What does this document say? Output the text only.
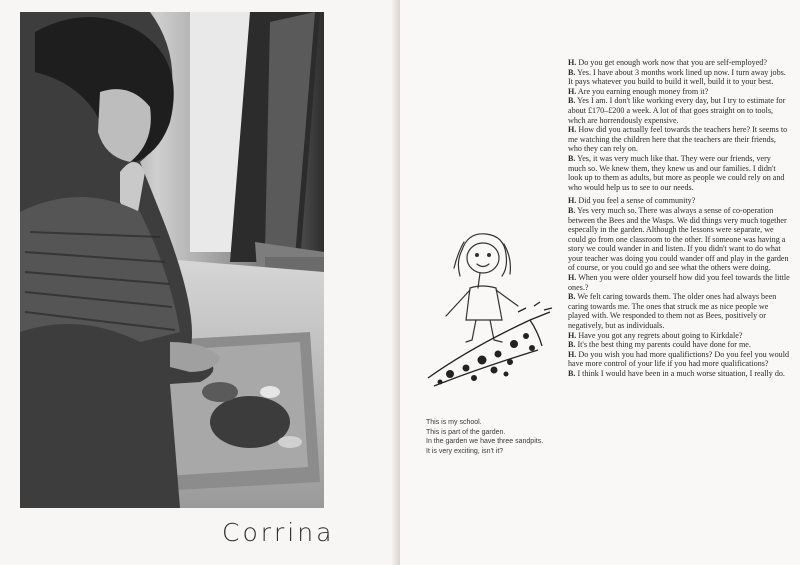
Corrina
This is my school.
This is part of the garden.
In the garden we have three sandpits.
It is very exciting, isn't it?

H. Do you get enough work now that you are self-employed?

B. Yes. I have about 3 months work lined up now. I turn away jobs. It pays whatever you build to build it well, build it to your best.

H. Are you earning enough money from it?

B. Yes I am. I don't like working every day, but I try to estimate for about £170–£200 a week. A lot of that goes straight on to tools, whch are horrendously expensive.

H. How did you actually feel towards the teachers here? It seems to me watching the children here that the teachers are their friends, who they can rely on.

B. Yes, it was very much like that. They were our friends, very much so. We knew them, they knew us and our families. I didn't look up to them as adults, but more as people we could rely on and who would help us to see to our needs.

H. Did you feel a sense of community?

B. Yes very much so. There was always a sense of co-operation between the Bees and the Wasps. We did things very much together especally in the garden. Although the lessons were separate, we could go from one classroom to the other. If someone was having a story we could wander in and listen. If you didn't want to do what your teacher was doing you could wander off and play in the garden of course, or you could go and see what the others were doing.

H. When you were older yourself how did you feel towards the little ones.?

B. We felt caring towards them. The older ones had always been caring towards me. The ones that struck me as nice people we played with. We responded to them not as Bees, positively or negatively, but as individuals.

H. Have you got any regrets about going to Kirkdale?

B. It's the best thing my parents could have done for me.

H. Do you wish you had more qualifictions? Do you feel you would have more control of your life if you had more qualifications?

B. I think I would have been in a much worse situation, I really do.
